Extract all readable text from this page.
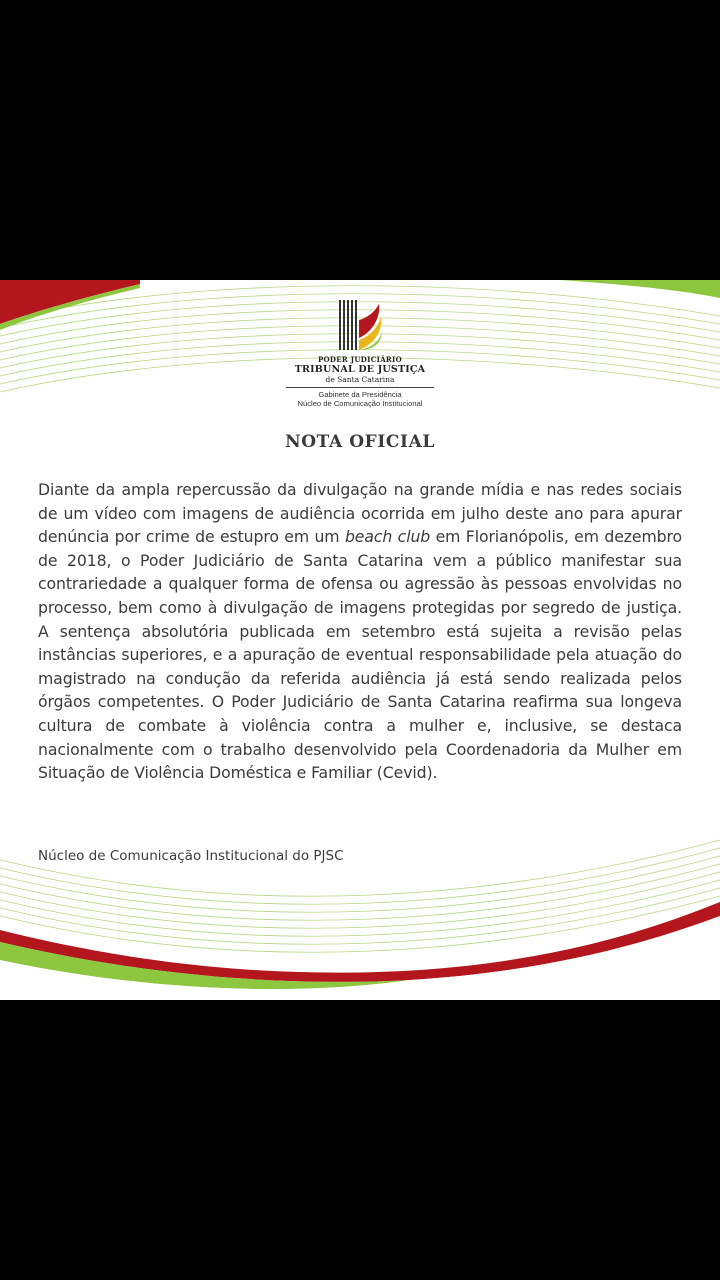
PODER JUDICIÁRIO
TRIBUNAL DE JUSTIÇA
de Santa Catarina
Gabinete da Presidência
Núcleo de Comunicação Institucional
NOTA OFICIAL

Diante da ampla repercussão da divulgação na grande mídia e nas redes sociais de um vídeo com imagens de audiência ocorrida em julho deste ano para apurar denúncia por crime de estupro em um beach club em Florianópolis, em dezembro de 2018, o Poder Judiciário de Santa Catarina vem a público manifestar sua contrariedade a qualquer forma de ofensa ou agressão às pessoas envolvidas no processo, bem como à divulgação de imagens protegidas por segredo de justiça. A sentença absolutória publicada em setembro está sujeita a revisão pelas instâncias superiores, e a apuração de eventual responsabilidade pela atuação do magistrado na condução da referida audiência já está sendo realizada pelos órgãos competentes. O Poder Judiciário de Santa Catarina reafirma sua longeva cultura de combate à violência contra a mulher e, inclusive, se destaca nacionalmente com o trabalho desenvolvido pela Coordenadoria da Mulher em Situação de Violência Doméstica e Familiar (Cevid).

Núcleo de Comunicação Institucional do PJSC
